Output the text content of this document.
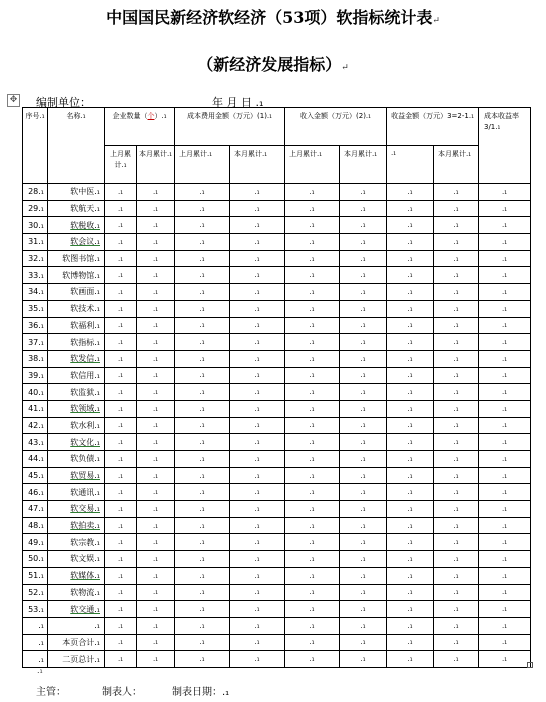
中国国民新经济软经济（53项）软指标统计表↵
（新经济发展指标）↵
✥ 编制单位：	年 月 日 .₁
序号.₁	名称.₁	企业数量（个）.₁		成本费用金额（万元）(1).₁		收入金额（万元）(2).₁		收益金额（万元）3=2-1.₁		成本收益率 3/1.₁
		上月累计.₁	本月累计.₁	上月累计.₁	本月累计.₁	上月累计.₁	本月累计.₁	.₁	本月累计.₁	
28.₁	软中医.₁	.₁	.₁	.₁	.₁	.₁	.₁	.₁	.₁	.₁
29.₁	软航天.₁	.₁	.₁	.₁	.₁	.₁	.₁	.₁	.₁	.₁
30.₁	软税收.₁	.₁	.₁	.₁	.₁	.₁	.₁	.₁	.₁	.₁
31.₁	软会议.₁	.₁	.₁	.₁	.₁	.₁	.₁	.₁	.₁	.₁
32.₁	软图书馆.₁	.₁	.₁	.₁	.₁	.₁	.₁	.₁	.₁	.₁
33.₁	软博物馆.₁	.₁	.₁	.₁	.₁	.₁	.₁	.₁	.₁	.₁
34.₁	软画面.₁	.₁	.₁	.₁	.₁	.₁	.₁	.₁	.₁	.₁
35.₁	软技术.₁	.₁	.₁	.₁	.₁	.₁	.₁	.₁	.₁	.₁
36.₁	软福利.₁	.₁	.₁	.₁	.₁	.₁	.₁	.₁	.₁	.₁
37.₁	软指标.₁	.₁	.₁	.₁	.₁	.₁	.₁	.₁	.₁	.₁
38.₁	软发信.₁	.₁	.₁	.₁	.₁	.₁	.₁	.₁	.₁	.₁
39.₁	软信用.₁	.₁	.₁	.₁	.₁	.₁	.₁	.₁	.₁	.₁
40.₁	软监狱.₁	.₁	.₁	.₁	.₁	.₁	.₁	.₁	.₁	.₁
41.₁	软领域.₁	.₁	.₁	.₁	.₁	.₁	.₁	.₁	.₁	.₁
42.₁	软水利.₁	.₁	.₁	.₁	.₁	.₁	.₁	.₁	.₁	.₁
43.₁	软文化.₁	.₁	.₁	.₁	.₁	.₁	.₁	.₁	.₁	.₁
44.₁	软负债.₁	.₁	.₁	.₁	.₁	.₁	.₁	.₁	.₁	.₁
45.₁	软贸易.₁	.₁	.₁	.₁	.₁	.₁	.₁	.₁	.₁	.₁
46.₁	软通讯.₁	.₁	.₁	.₁	.₁	.₁	.₁	.₁	.₁	.₁
47.₁	软交易.₁	.₁	.₁	.₁	.₁	.₁	.₁	.₁	.₁	.₁
48.₁	软拍卖.₁	.₁	.₁	.₁	.₁	.₁	.₁	.₁	.₁	.₁
49.₁	软宗教.₁	.₁	.₁	.₁	.₁	.₁	.₁	.₁	.₁	.₁
50.₁	软文娱.₁	.₁	.₁	.₁	.₁	.₁	.₁	.₁	.₁	.₁
51.₁	软媒体.₁	.₁	.₁	.₁	.₁	.₁	.₁	.₁	.₁	.₁
52.₁	软物流.₁	.₁	.₁	.₁	.₁	.₁	.₁	.₁	.₁	.₁
53.₁	软交通.₁	.₁	.₁	.₁	.₁	.₁	.₁	.₁	.₁	.₁
.₁	.₁	.₁	.₁	.₁	.₁	.₁	.₁	.₁	.₁	.₁
.₁	本页合计.₁	.₁	.₁	.₁	.₁	.₁	.₁	.₁	.₁	.₁
.₁	二页总计.₁	.₁	.₁	.₁	.₁	.₁	.₁	.₁	.₁	.₁
.₁
主管：	制表人：	制表日期：.₁
